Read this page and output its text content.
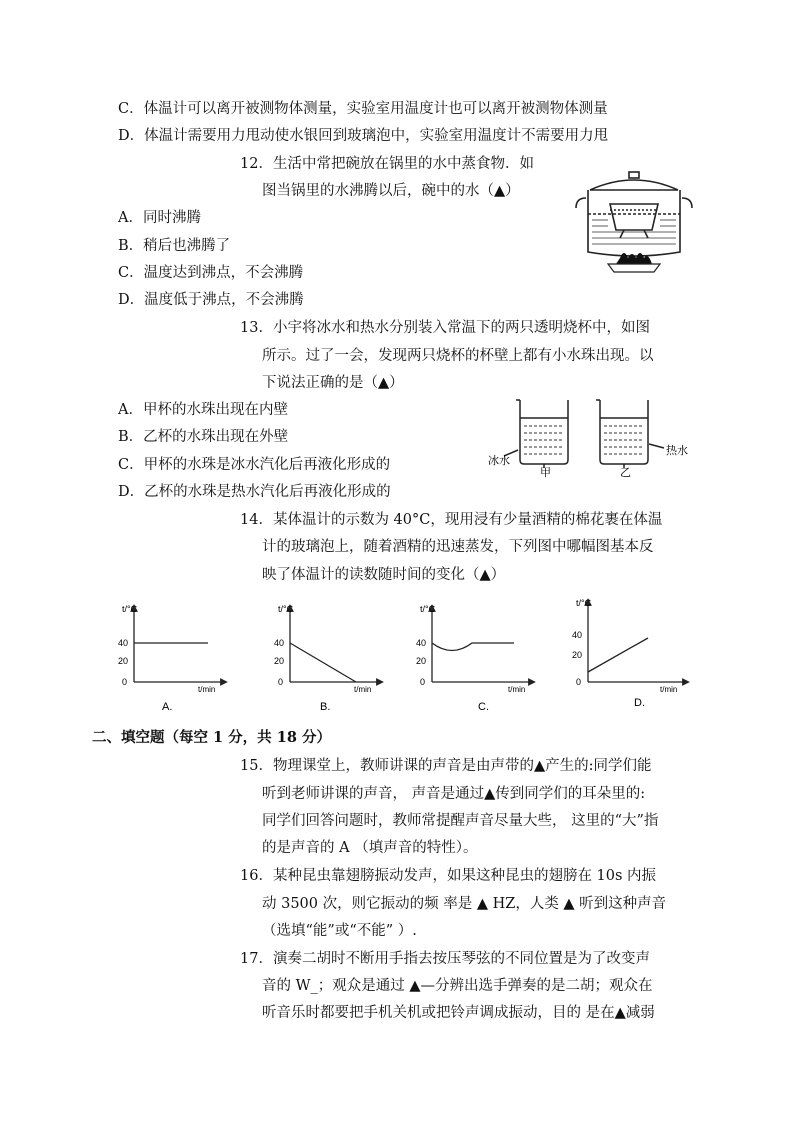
C．体温计可以离开被测物体测量，实验室用温度计也可以离开被测物体测量
D．体温计需要用力甩动使水银回到玻璃泡中，实验室用温度计不需要用力甩
12．生活中常把碗放在锅里的水中蒸食物．如
图当锅里的水沸腾以后，碗中的水（▲）
A．同时沸腾
B．稍后也沸腾了
C．温度达到沸点，不会沸腾
D．温度低于沸点，不会沸腾
13．小宇将冰水和热水分别装入常温下的两只透明烧杯中，如图
所示。过了一会，发现两只烧杯的杯壁上都有小水珠出现。以
下说法正确的是（▲）
A．甲杯的水珠出现在内壁
B．乙杯的水珠出现在外壁
C．甲杯的水珠是冰水汽化后再液化形成的
D．乙杯的水珠是热水汽化后再液化形成的
14．某体温计的示数为 40°C，现用浸有少量酒精的棉花裹在体温
计的玻璃泡上，随着酒精的迅速蒸发，下列图中哪幅图基本反
映了体温计的读数随时间的变化（▲）
二、填空题（每空 1 分，共 18 分）
15．物理课堂上，教师讲课的声音是由声带的▲产生的:同学们能
听到老师讲课的声音， 声音是通过▲传到同学们的耳朵里的:
同学们回答问题时，教师常提醒声音尽量大些， 这里的“大”指
的是声音的 A （填声音的特性）。
16．某种昆虫靠翅膀振动发声，如果这种昆虫的翅膀在 10s 内振
动 3500 次，则它振动的频 率是 ▲ HZ，人类 ▲ 听到这种声音
（选填“能”或“不能” ）.
17．演奏二胡时不断用手指去按压琴弦的不同位置是为了改变声
音的 W_；观众是通过 ▲—分辨出选手弹奏的是二胡；观众在
听音乐时都要把手机关机或把铃声调成振动，目的 是在▲减弱
冰水
甲	乙
热水
t/°C
t/min
40
20
0
A.
t/°C
t/min
40
20
0
B.
t/°C
t/min
40
20
0
C.
t/°C
t/min
40
20
0
D.
